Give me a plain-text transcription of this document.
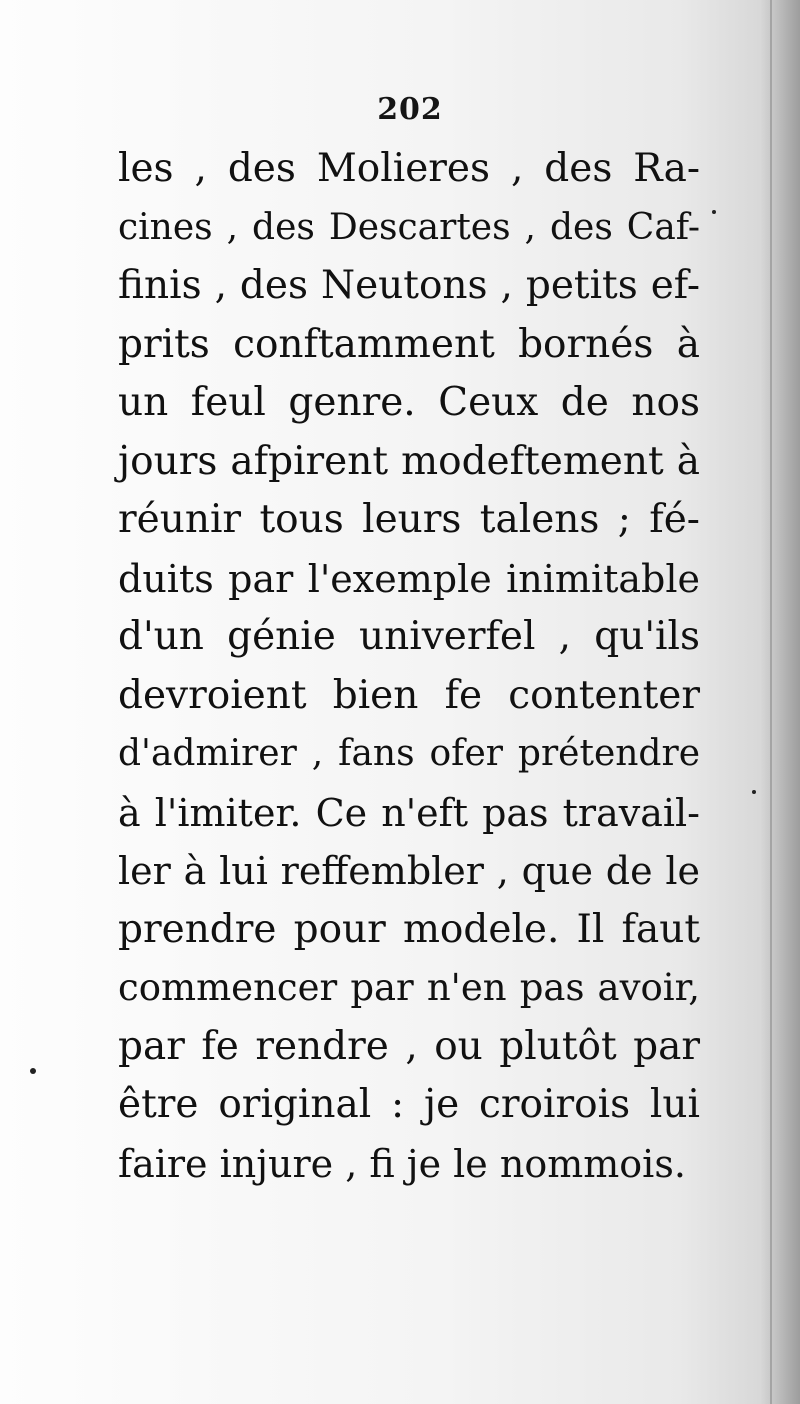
202
les , des Molieres , des Ra-
cines , des Descartes , des Caf-
finis , des Neutons , petits ef-
prits conftamment bornés à
un feul genre. Ceux de nos
jours afpirent modeftement à
réunir tous leurs talens ; fé-
duits par l'exemple inimitable
d'un génie univerfel , qu'ils
devroient bien fe contenter
d'admirer , fans ofer prétendre
à l'imiter. Ce n'eft pas travail-
ler à lui reffembler , que de le
prendre pour modele. Il faut
commencer par n'en pas avoir,
par fe rendre , ou plutôt par
être original : je croirois lui
faire injure , fi je le nommois.
